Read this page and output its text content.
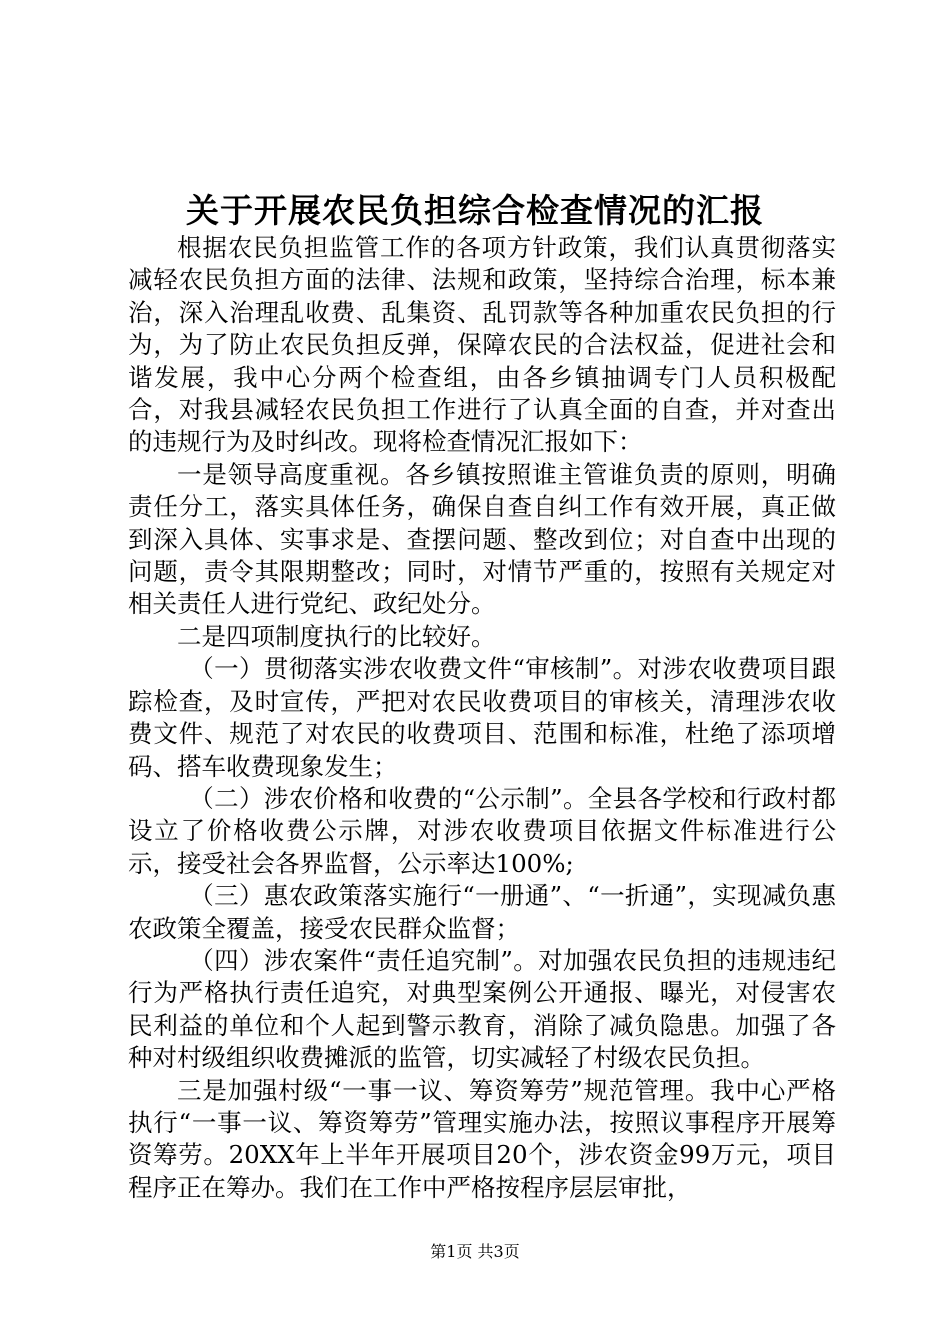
关于开展农民负担综合检查情况的汇报

根据农民负担监管工作的各项方针政策，我们认真贯彻落实减轻农民负担方面的法律、法规和政策，坚持综合治理，标本兼治，深入治理乱收费、乱集资、乱罚款等各种加重农民负担的行为，为了防止农民负担反弹，保障农民的合法权益，促进社会和谐发展，我中心分两个检查组，由各乡镇抽调专门人员积极配合，对我县减轻农民负担工作进行了认真全面的自查，并对查出的违规行为及时纠改。现将检查情况汇报如下：

一是领导高度重视。各乡镇按照谁主管谁负责的原则，明确责任分工，落实具体任务，确保自查自纠工作有效开展，真正做到深入具体、实事求是、查摆问题、整改到位；对自查中出现的问题，责令其限期整改；同时，对情节严重的，按照有关规定对相关责任人进行党纪、政纪处分。

二是四项制度执行的比较好。

（一）贯彻落实涉农收费文件“审核制”。对涉农收费项目跟踪检查，及时宣传，严把对农民收费项目的审核关，清理涉农收费文件、规范了对农民的收费项目、范围和标准，杜绝了添项增码、搭车收费现象发生；

（二）涉农价格和收费的“公示制”。全县各学校和行政村都设立了价格收费公示牌，对涉农收费项目依据文件标准进行公示，接受社会各界监督，公示率达100%;

（三）惠农政策落实施行“一册通”、“一折通”，实现减负惠农政策全覆盖，接受农民群众监督；

（四）涉农案件“责任追究制”。对加强农民负担的违规违纪行为严格执行责任追究，对典型案例公开通报、曝光，对侵害农民利益的单位和个人起到警示教育，消除了减负隐患。加强了各种对村级组织收费摊派的监管，切实减轻了村级农民负担。

三是加强村级“一事一议、筹资筹劳”规范管理。我中心严格执行“一事一议、筹资筹劳”管理实施办法，按照议事程序开展筹资筹劳。20XX年上半年开展项目20个，涉农资金99万元，项目程序正在筹办。我们在工作中严格按程序层层审批，

第1页 共3页
